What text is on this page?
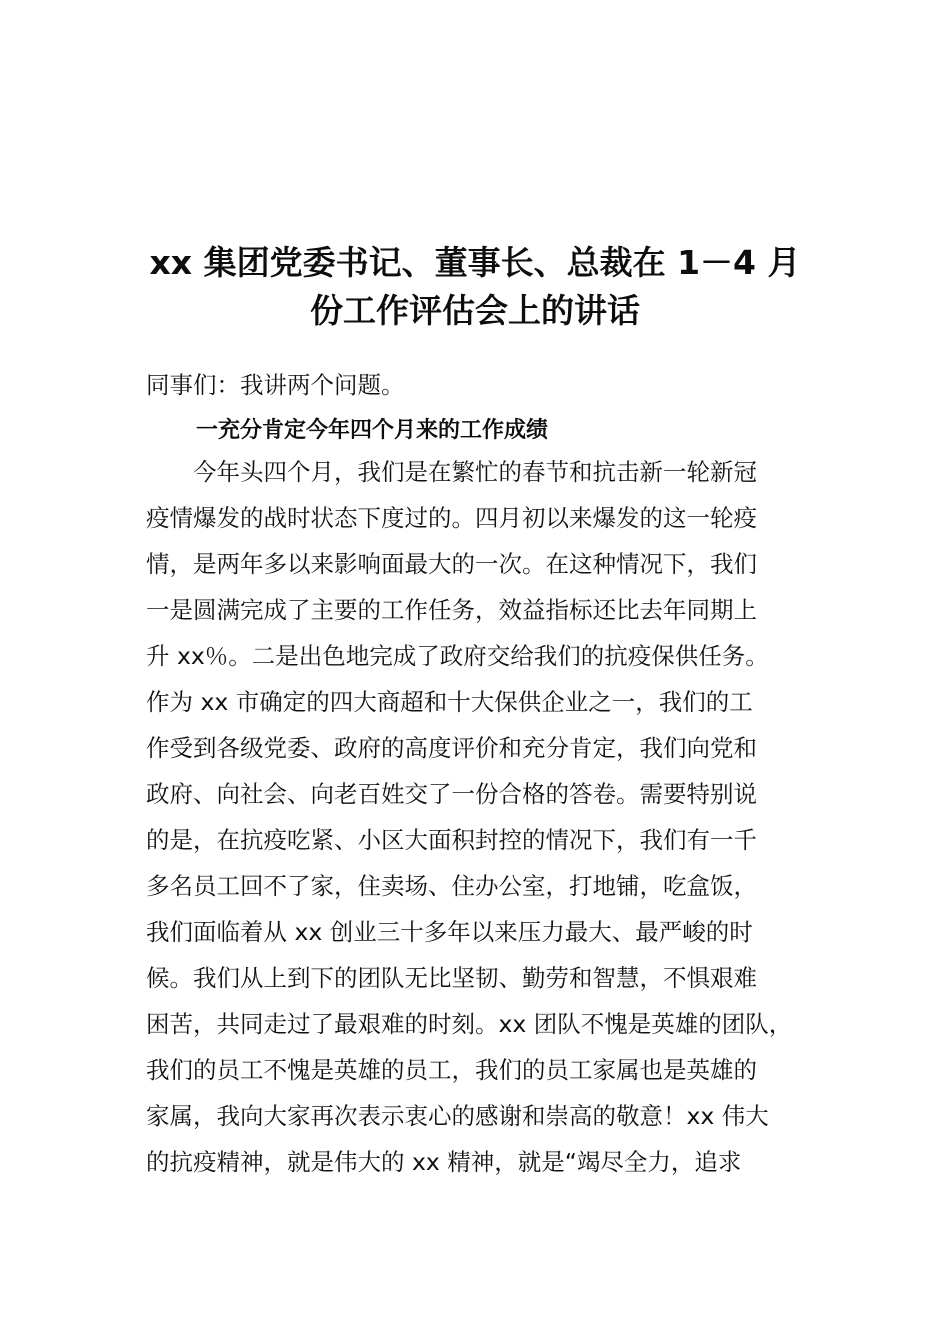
xx 集团党委书记、董事长、总裁在 1－4 月
份工作评估会上的讲话
同事们：我讲两个问题。
一充分肯定今年四个月来的工作成绩
　　今年头四个月，我们是在繁忙的春节和抗击新一轮新冠
疫情爆发的战时状态下度过的。四月初以来爆发的这一轮疫
情，是两年多以来影响面最大的一次。在这种情况下，我们
一是圆满完成了主要的工作任务，效益指标还比去年同期上
升 xx％。二是出色地完成了政府交给我们的抗疫保供任务。
作为 xx 市确定的四大商超和十大保供企业之一，我们的工
作受到各级党委、政府的高度评价和充分肯定，我们向党和
政府、向社会、向老百姓交了一份合格的答卷。需要特别说
的是，在抗疫吃紧、小区大面积封控的情况下，我们有一千
多名员工回不了家，住卖场、住办公室，打地铺，吃盒饭，
我们面临着从 xx 创业三十多年以来压力最大、最严峻的时
候。我们从上到下的团队无比坚韧、勤劳和智慧，不惧艰难
困苦，共同走过了最艰难的时刻。xx 团队不愧是英雄的团队，
我们的员工不愧是英雄的员工，我们的员工家属也是英雄的
家属，我向大家再次表示衷心的感谢和崇高的敬意！xx 伟大
的抗疫精神，就是伟大的 xx 精神，就是“竭尽全力，追求
